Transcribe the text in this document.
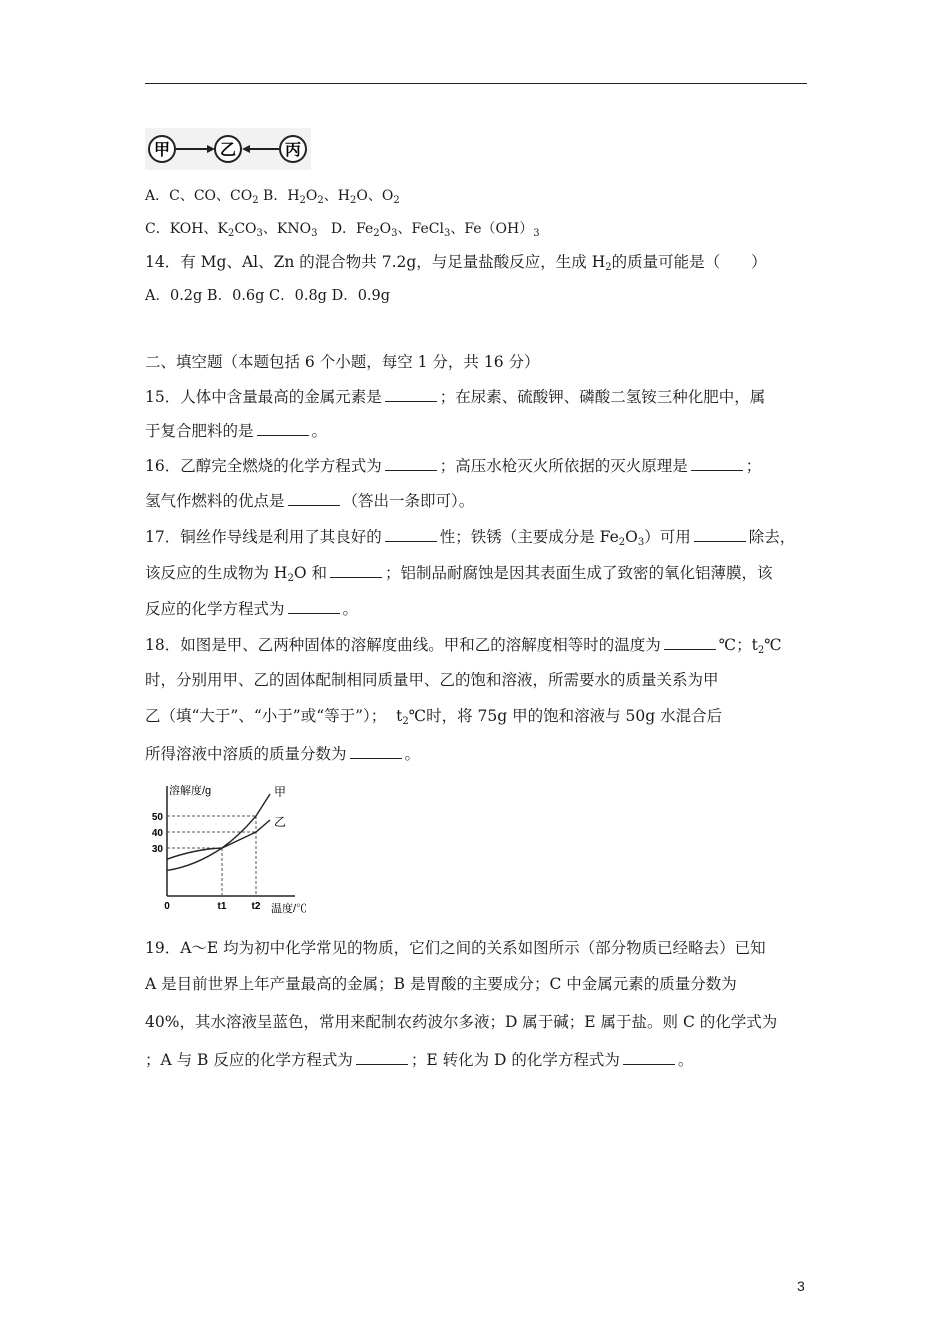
甲	乙	丙
A．C、CO、$CO_2$ B．$H_2O_2$、$H_2O$、$O_2$
C．KOH、$K_2CO_3$、$KNO_3$   D．$Fe_2O_3$、FeCl$_3$、$Fe(OH)_3$
14．有 Mg、Al、Zn 的混合物共 7.2g，与足量盐酸反应，生成 $H_2$的质量可能是（　　）
A．0.2g B．0.6g C．0.8g D．0.9g
二、填空题（本题包括 6 个小题，每空 1 分，共 16 分）
15．人体中含量最高的金属元素是	；在尿素、硫酸钾、磷酸二氢铵三种化肥中，属
于复合肥料的是	。
16．乙醇完全燃烧的化学方程式为	；高压水枪灭火所依据的灭火原理是	；
氢气作燃料的优点是	（答出一条即可）。
17．铜丝作导线是利用了其良好的	性；铁锈（主要成分是 $Fe_2O_3$）可用	除去，
该反应的生成物为 $H_2O$ 和	；铝制品耐腐蚀是因其表面生成了致密的氧化铝薄膜，该
反应的化学方程式为	。
18．如图是甲、乙两种固体的溶解度曲线。甲和乙的溶解度相等时的温度为	℃；$t_2℃$
时，分别用甲、乙的固体配制相同质量甲、乙的饱和溶液，所需要水的质量关系为甲
乙（填“大于”、“小于”或“等于”）；  $t_2℃$时，将 75g 甲的饱和溶液与 50g 水混合后
所得溶液中溶质的质量分数为	。
溶解度/g
温度/℃
50
40
30
0	t1	t2
甲
乙
19．A～E 均为初中化学常见的物质，它们之间的关系如图所示（部分物质已经略去）已知
A 是目前世界上年产量最高的金属；B 是胃酸的主要成分；C 中金属元素的质量分数为
40%，其水溶液呈蓝色，常用来配制农药波尔多液；D 属于碱；E 属于盐。则 C 的化学式为
；A 与 B 反应的化学方程式为	；E 转化为 D 的化学方程式为	。
3
